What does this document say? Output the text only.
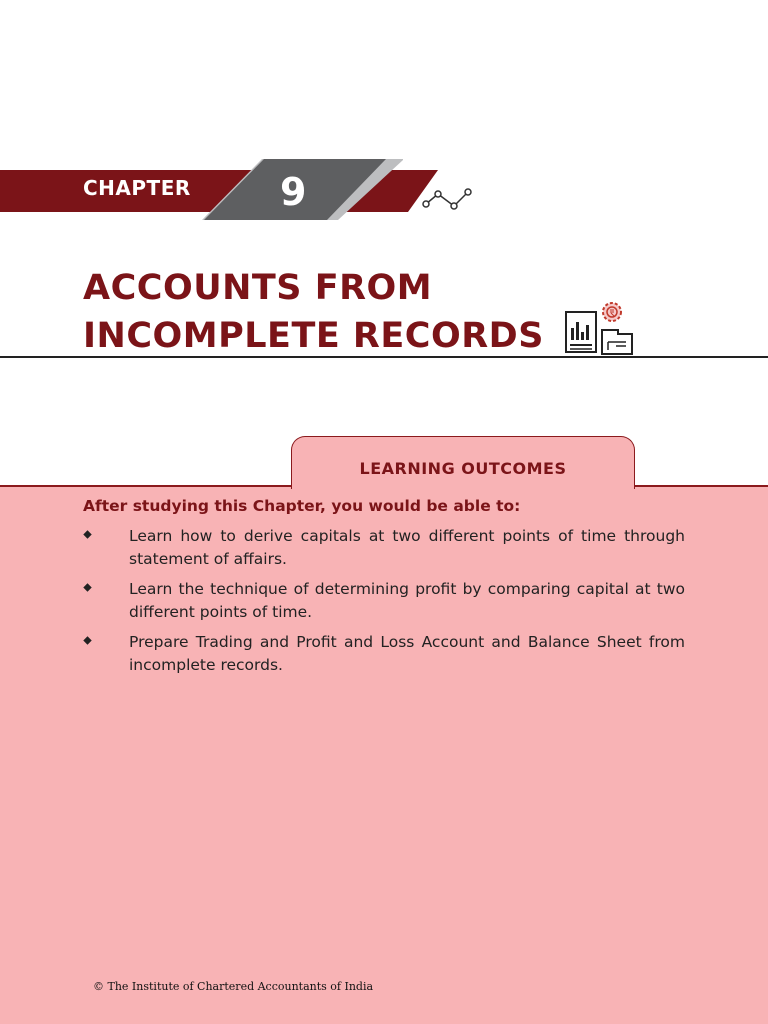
CHAPTER 9
ACCOUNTS FROM
INCOMPLETE RECORDS
LEARNING OUTCOMES
After studying this Chapter, you would be able to:
Learn how to derive capitals at two different points of time through statement of affairs.
Learn the technique of determining profit by comparing capital at two different points of time.
Prepare Trading and Profit and Loss Account and Balance Sheet from incomplete records.
© The Institute of Chartered Accountants of India
